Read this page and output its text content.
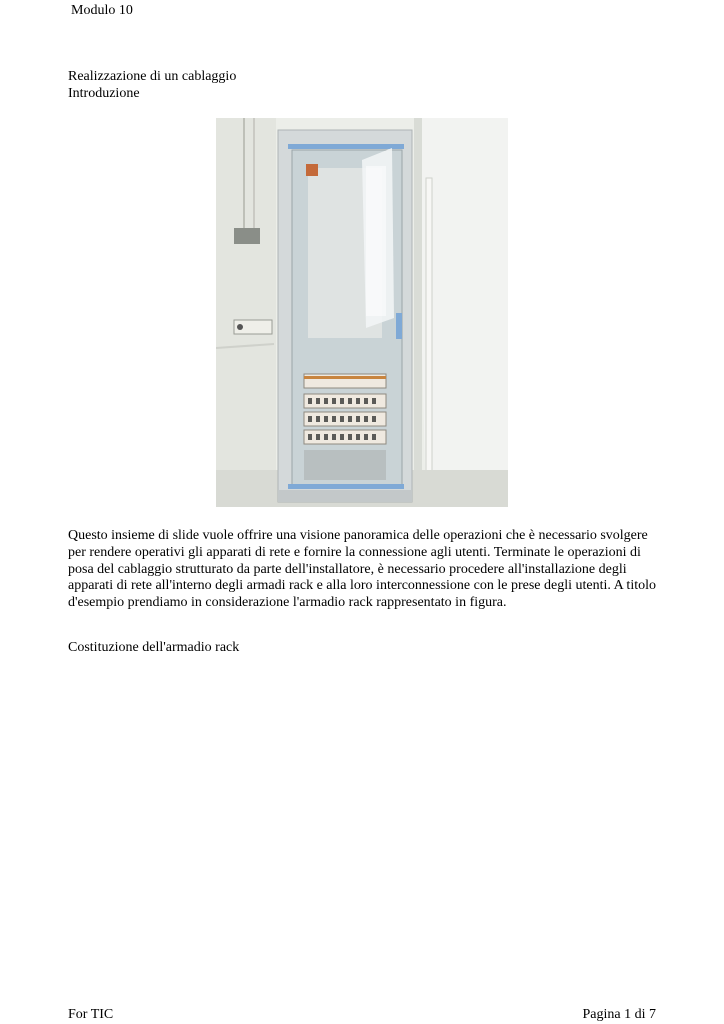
Modulo 10
Realizzazione di un cablaggio
Introduzione
Questo insieme di slide vuole offrire una visione panoramica delle operazioni che è necessario svolgere per rendere operativi gli apparati di rete e fornire la connessione agli utenti. Terminate le operazioni di posa del cablaggio strutturato da parte dell'installatore, è necessario procedere all'installazione degli apparati di rete all'interno degli armadi rack e alla loro interconnessione con le prese degli utenti. A titolo d'esempio prendiamo in considerazione l'armadio rack rappresentato in figura.
Costituzione dell'armadio rack
For TIC	Pagina 1 di 7
